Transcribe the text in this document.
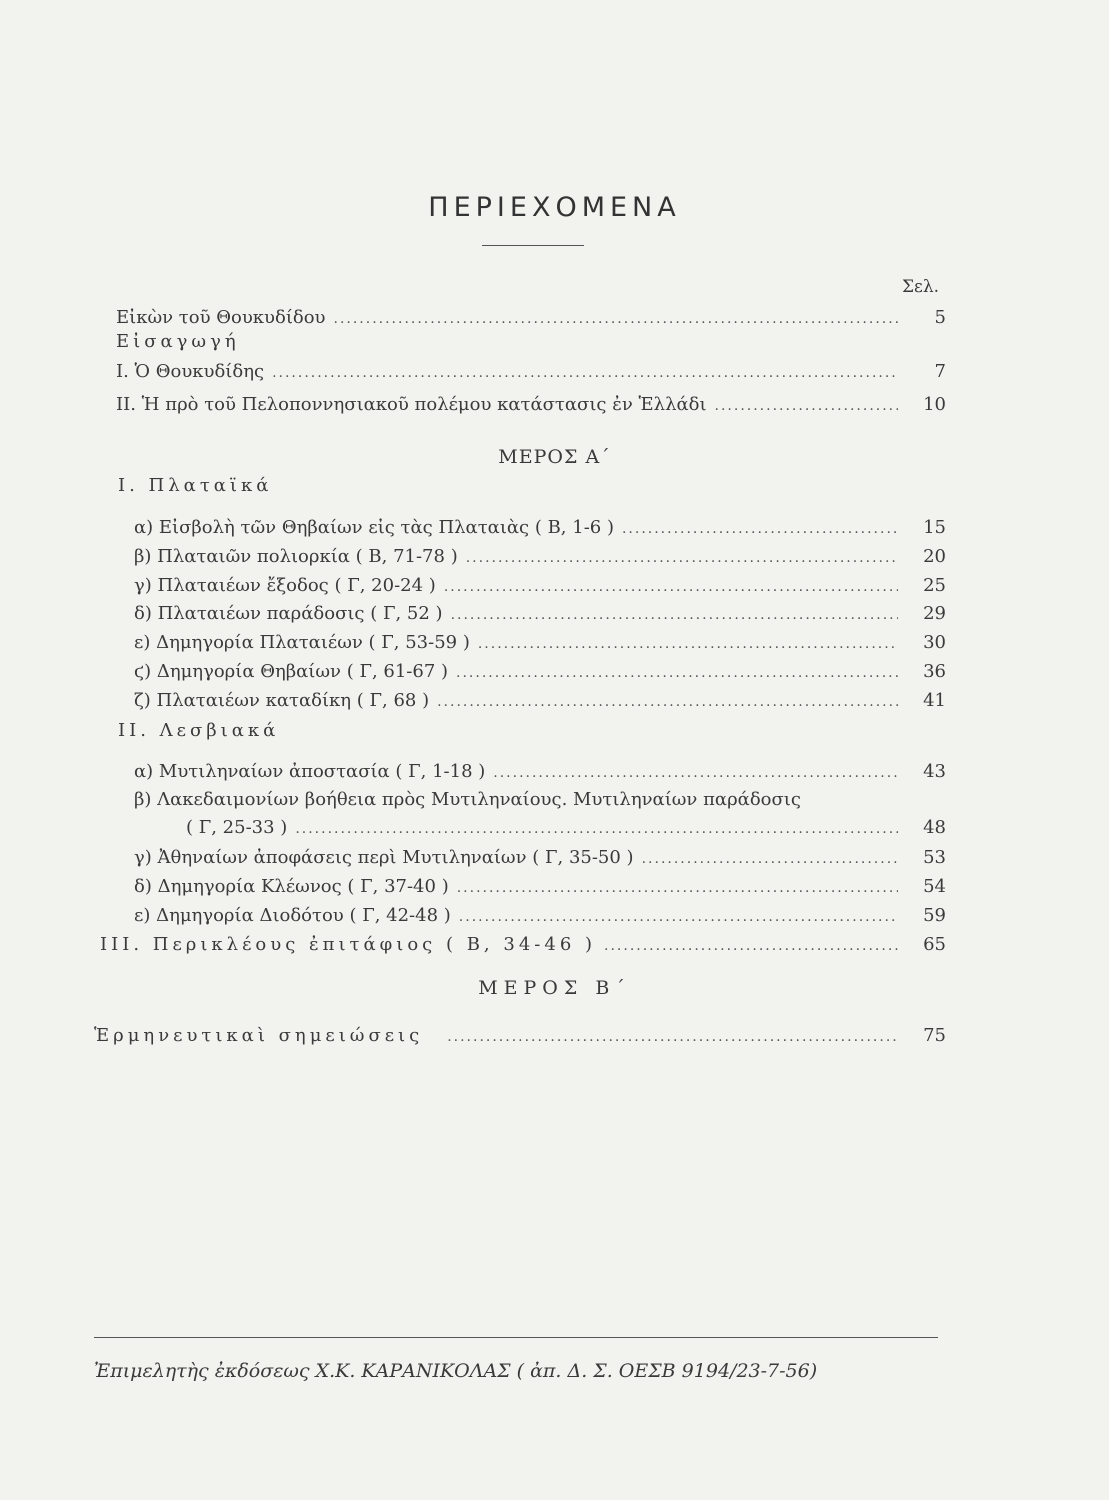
ΠΕΡΙΕΧΟΜΕΝΑ
Σελ.
Εἰκὼν τοῦ Θουκυδίδου .....	5
Εἰσαγωγή
I. Ὁ Θουκυδίδης .....	7
II. Ἡ πρὸ τοῦ Πελοποννησιακοῦ πολέμου κατάστασις ἐν Ἑλλάδι .....	10
ΜΕΡΟΣ Α΄
I. Πλαταϊκά
α) Εἰσβολὴ τῶν Θηβαίων εἰς τὰς Πλαταιὰς ( Β, 1-6 ) .....	15
β) Πλαταιῶν πολιορκία ( Β, 71-78 ) .....	20
γ) Πλαταιέων ἔξοδος ( Γ, 20-24 ) .....	25
δ) Πλαταιέων παράδοσις ( Γ, 52 ) .....	29
ε) Δημηγορία Πλαταιέων ( Γ, 53-59 ) .....	30
ϛ) Δημηγορία Θηβαίων ( Γ, 61-67 ) .....	36
ζ) Πλαταιέων καταδίκη ( Γ, 68 ) .....	41
II. Λεσβιακά
α) Μυτιληναίων ἀποστασία ( Γ, 1-18 ) .....	43
β) Λακεδαιμονίων βοήθεια πρὸς Μυτιληναίους. Μυτιληναίων παράδοσις
( Γ, 25-33 ) .....	48
γ) Ἀθηναίων ἀποφάσεις περὶ Μυτιληναίων ( Γ, 35-50 ) .....	53
δ) Δημηγορία Κλέωνος ( Γ, 37-40 ) .....	54
ε) Δημηγορία Διοδότου ( Γ, 42-48 ) .....	59
III. Περικλέους ἐπιτάφιος ( Β, 34-46 ) .....	65
ΜΕΡΟΣ Β΄
Ἑρμηνευτικαὶ σημειώσεις .....	75
Ἐπιμελητὴς ἐκδόσεως Χ.Κ. ΚΑΡΑΝΙΚΟΛΑΣ ( ἀπ. Δ. Σ. ΟΕΣΒ 9194/23-7-56)
